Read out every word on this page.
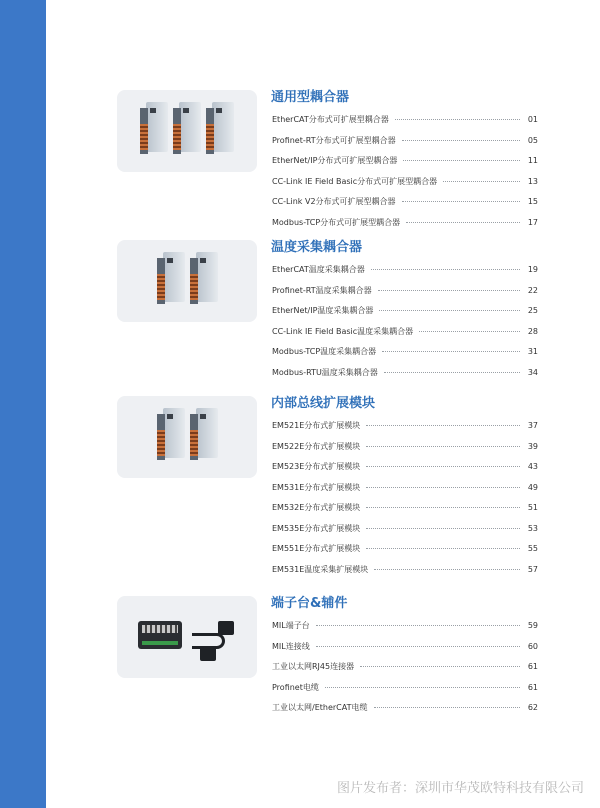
通用型耦合器
EtherCAT分布式可扩展型耦合器	01
Profinet-RT分布式可扩展型耦合器	05
EtherNet/IP分布式可扩展型耦合器	11
CC-Link IE Field Basic分布式可扩展型耦合器	13
CC-Link V2分布式可扩展型耦合器	15
Modbus-TCP分布式可扩展型耦合器	17
温度采集耦合器
EtherCAT温度采集耦合器	19
Profinet-RT温度采集耦合器	22
EtherNet/IP温度采集耦合器	25
CC-Link IE Field Basic温度采集耦合器	28
Modbus-TCP温度采集耦合器	31
Modbus-RTU温度采集耦合器	34
内部总线扩展模块
EM521E分布式扩展模块	37
EM522E分布式扩展模块	39
EM523E分布式扩展模块	43
EM531E分布式扩展模块	49
EM532E分布式扩展模块	51
EM535E分布式扩展模块	53
EM551E分布式扩展模块	55
EM531E温度采集扩展模块	57
端子台&辅件
MIL端子台	59
MIL连接线	60
工业以太网RJ45连接器	61
Profinet电缆	61
工业以太网/EtherCAT电缆	62
图片发布者：深圳市华茂欧特科技有限公司
